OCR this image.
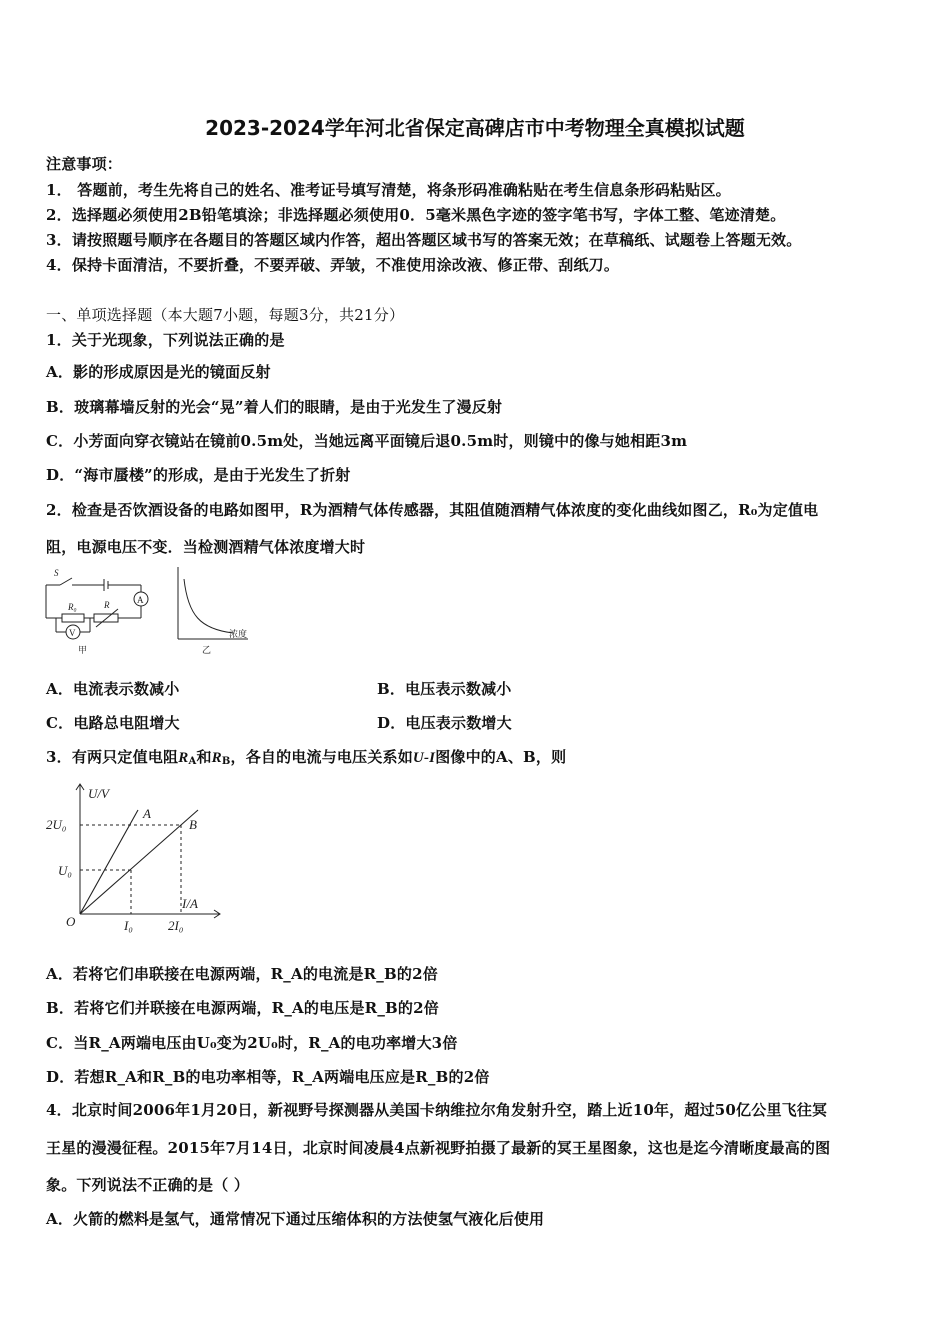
2023-2024学年河北省保定高碑店市中考物理全真模拟试题
注意事项：
1． 答题前，考生先将自己的姓名、准考证号填写清楚，将条形码准确粘贴在考生信息条形码粘贴区。
2．选择题必须使用2B铅笔填涂；非选择题必须使用0．5毫米黑色字迹的签字笔书写，字体工整、笔迹清楚。
3．请按照题号顺序在各题目的答题区域内作答，超出答题区域书写的答案无效；在草稿纸、试题卷上答题无效。
4．保持卡面清洁，不要折叠，不要弄破、弄皱，不准使用涂改液、修正带、刮纸刀。
一、单项选择题（本大题7小题，每题3分，共21分）
1．关于光现象，下列说法正确的是
A．影的形成原因是光的镜面反射
B．玻璃幕墙反射的光会“晃”着人们的眼睛，是由于光发生了漫反射
C．小芳面向穿衣镜站在镜前0.5m处，当她远离平面镜后退0.5m时，则镜中的像与她相距3m
D．“海市蜃楼”的形成，是由于光发生了折射
2．检查是否饮酒设备的电路如图甲，R为酒精气体传感器，其阻值随酒精气体浓度的变化曲线如图乙，R₀为定值电
阻，电源电压不变．当检测酒精气体浓度增大时
S
R₀	R	A
V
甲	乙
浓度
A．电流表示数减小	B．电压表示数减小
C．电路总电阻增大	D．电压表示数增大
3．有两只定值电阻$R_A$和$R_B$，各自的电流与电压关系如U-I图像中的A、B，则
U/V
I/A
2U₀
U₀
I₀	2I₀
O
A
B
A．若将它们串联接在电源两端，R_A的电流是R_B的2倍
B．若将它们并联接在电源两端，R_A的电压是R_B的2倍
C．当R_A两端电压由U₀变为2U₀时，R_A的电功率增大3倍
D．若想R_A和R_B的电功率相等，R_A两端电压应是R_B的2倍
4．北京时间2006年1月20日，新视野号探测器从美国卡纳维拉尔角发射升空，踏上近10年，超过50亿公里飞往冥
王星的漫漫征程。2015年7月14日，北京时间凌晨4点新视野拍摄了最新的冥王星图象，这也是迄今清晰度最高的图
象。下列说法不正确的是（ ）
A．火箭的燃料是氢气，通常情况下通过压缩体积的方法使氢气液化后使用
